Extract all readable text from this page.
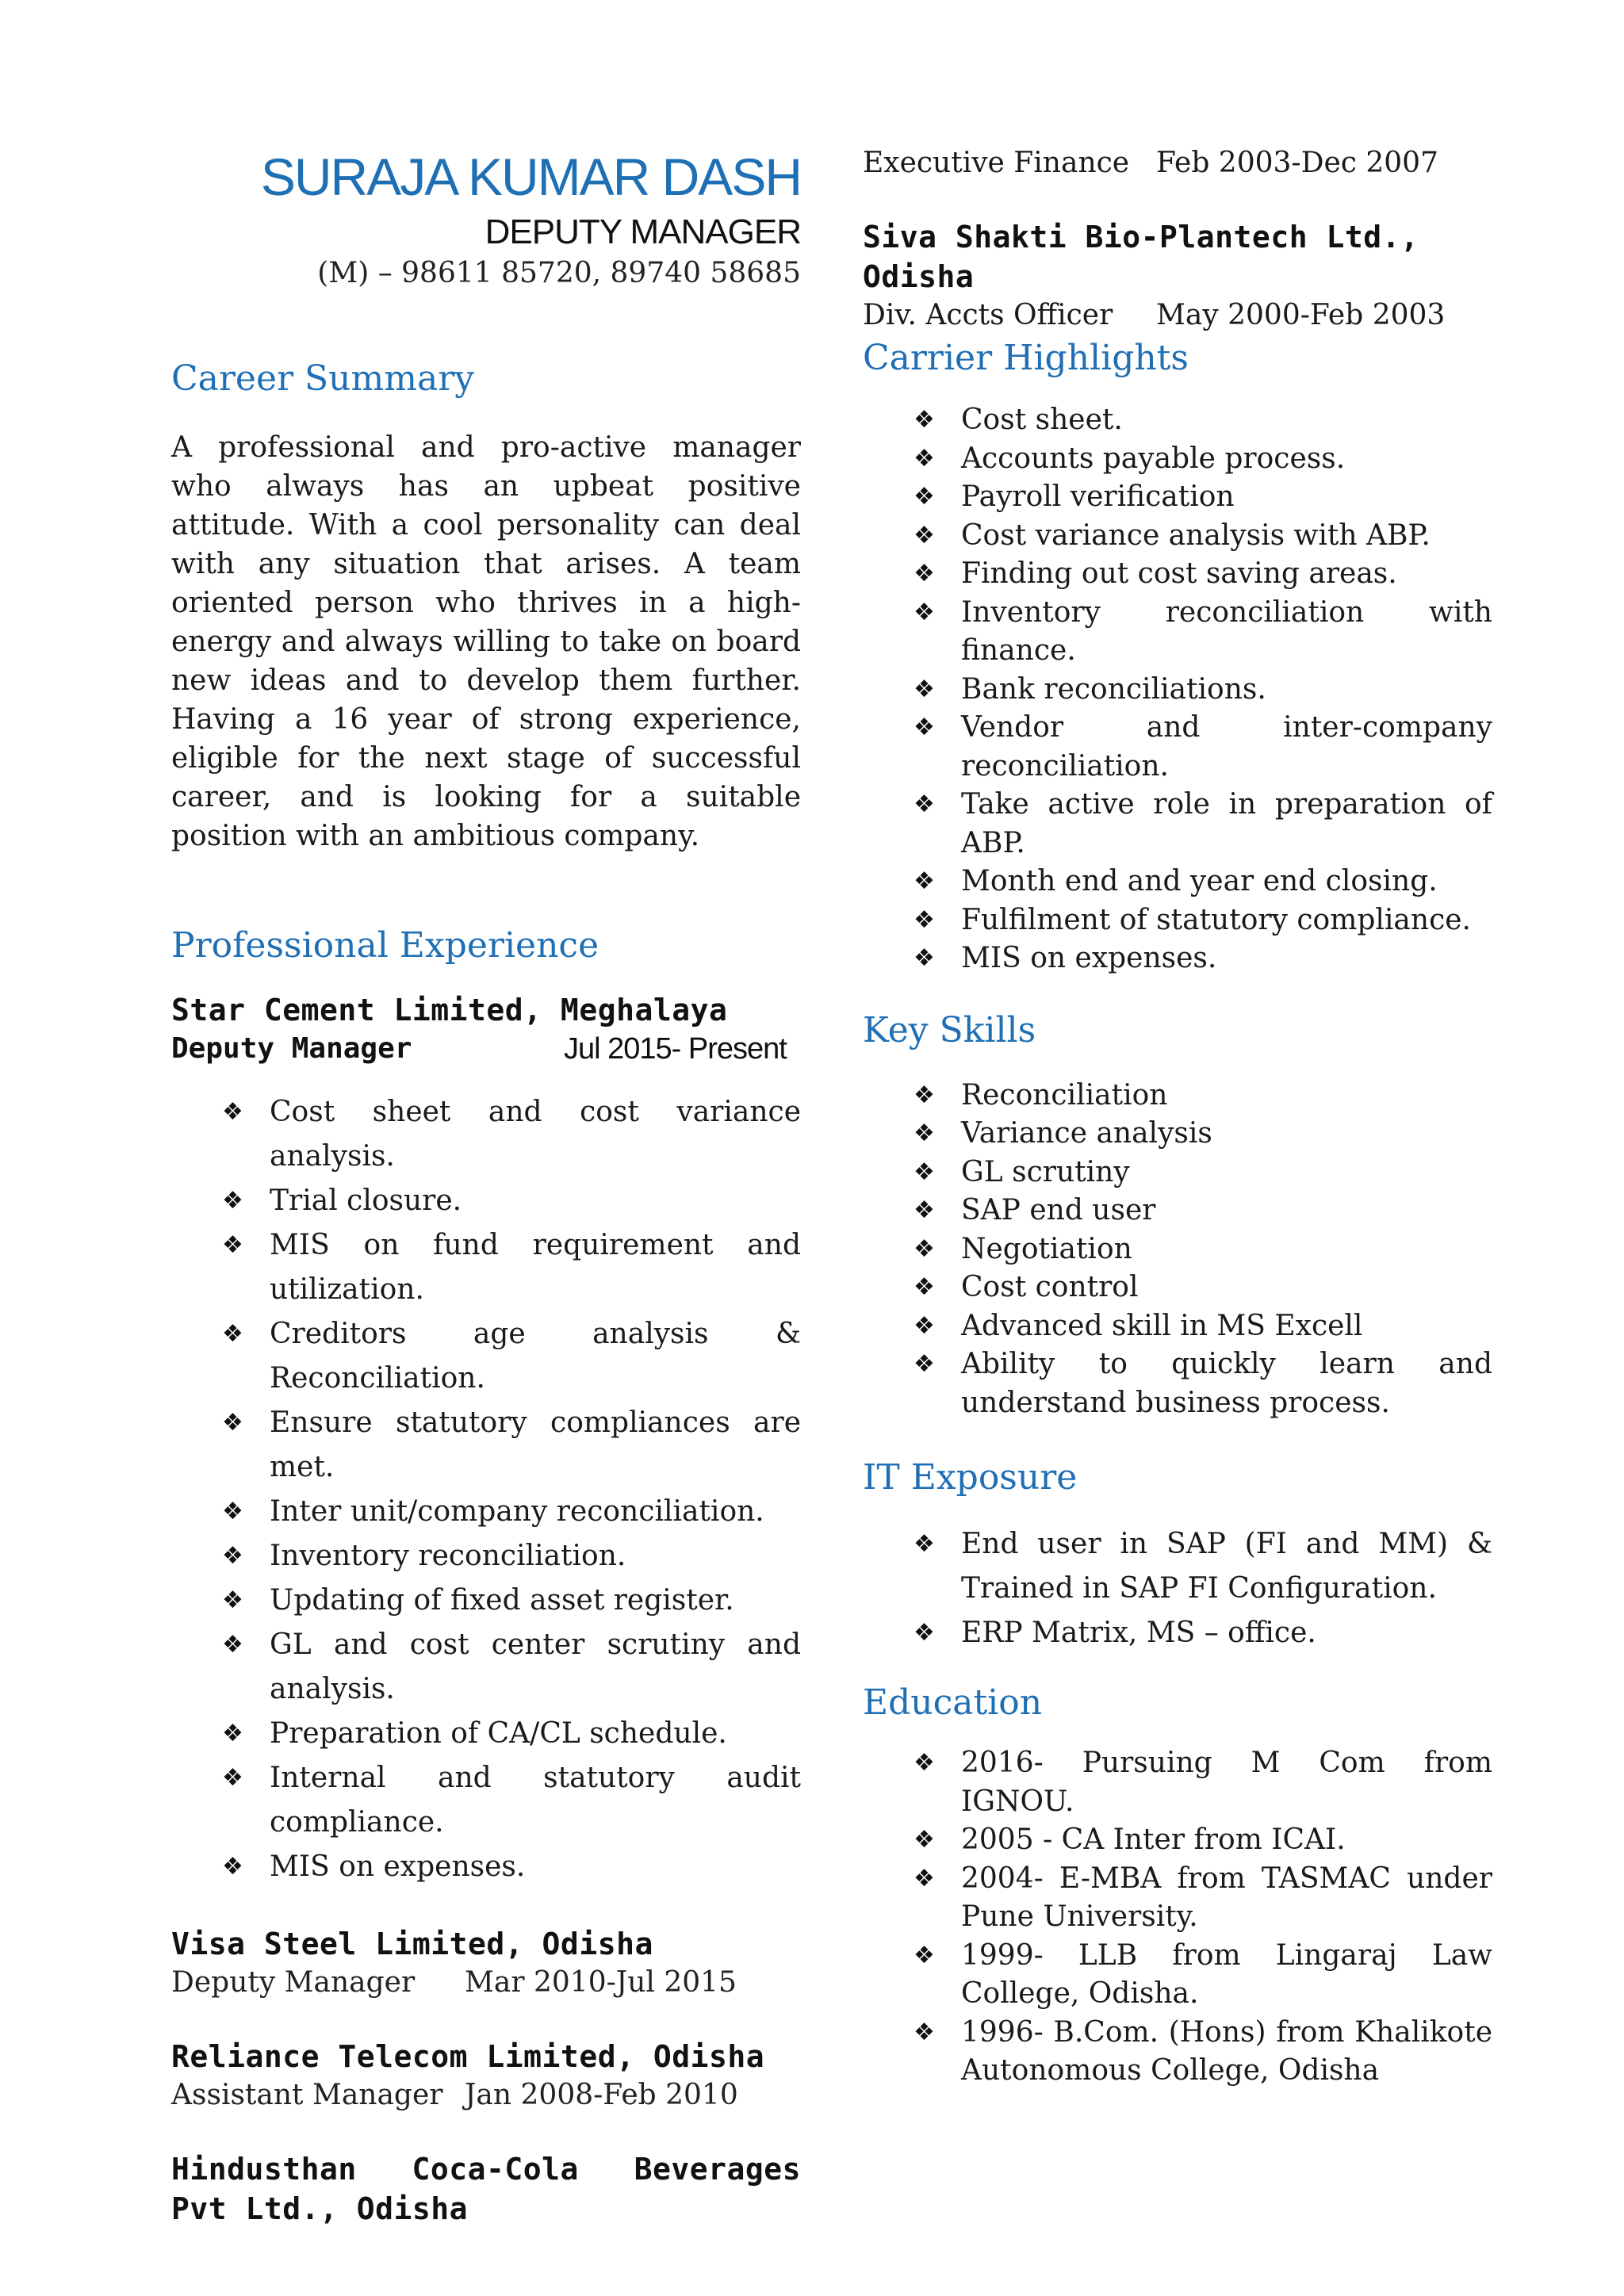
SURAJA KUMAR DASH
DEPUTY MANAGER
(M) – 98611 85720, 89740 58685
Career Summary
A professional and pro-active manager who always has an upbeat positive attitude. With a cool personality can deal with any situation that arises. A team oriented person who thrives in a high-energy and always willing to take on board new ideas and to develop them further. Having a 16 year of strong experience, eligible for the next stage of successful career, and is looking for a suitable position with an ambitious company.
Professional Experience
Star Cement Limited, Meghalaya
Deputy Manager	Jul 2015- Present
❖ Cost sheet and cost variance analysis.
❖ Trial closure.
❖ MIS on fund requirement and utilization.
❖ Creditors age analysis & Reconciliation.
❖ Ensure statutory compliances are met.
❖ Inter unit/company reconciliation.
❖ Inventory reconciliation.
❖ Updating of fixed asset register.
❖ GL and cost center scrutiny and analysis.
❖ Preparation of CA/CL schedule.
❖ Internal and statutory audit compliance.
❖ MIS on expenses.
Visa Steel Limited, Odisha
Deputy Manager	Mar 2010-Jul 2015
Reliance Telecom Limited, Odisha
Assistant Manager Jan 2008-Feb 2010
Hindusthan Coca-Cola Beverages Pvt Ltd., Odisha
Executive Finance Feb 2003-Dec 2007
Siva Shakti Bio-Plantech Ltd., Odisha
Div. Accts Officer	May 2000-Feb 2003
Carrier Highlights
❖ Cost sheet.
❖ Accounts payable process.
❖ Payroll verification
❖ Cost variance analysis with ABP.
❖ Finding out cost saving areas.
❖ Inventory reconciliation with finance.
❖ Bank reconciliations.
❖ Vendor and inter-company reconciliation.
❖ Take active role in preparation of ABP.
❖ Month end and year end closing.
❖ Fulfilment of statutory compliance.
❖ MIS on expenses.
Key Skills
❖ Reconciliation
❖ Variance analysis
❖ GL scrutiny
❖ SAP end user
❖ Negotiation
❖ Cost control
❖ Advanced skill in MS Excell
❖ Ability to quickly learn and understand business process.
IT Exposure
❖ End user in SAP (FI and MM) & Trained in SAP FI Configuration.
❖ ERP Matrix, MS – office.
Education
❖ 2016- Pursuing M Com from IGNOU.
❖ 2005 - CA Inter from ICAI.
❖ 2004- E-MBA from TASMAC under Pune University.
❖ 1999- LLB from Lingaraj Law College, Odisha.
❖ 1996- B.Com. (Hons) from Khalikote Autonomous College, Odisha
